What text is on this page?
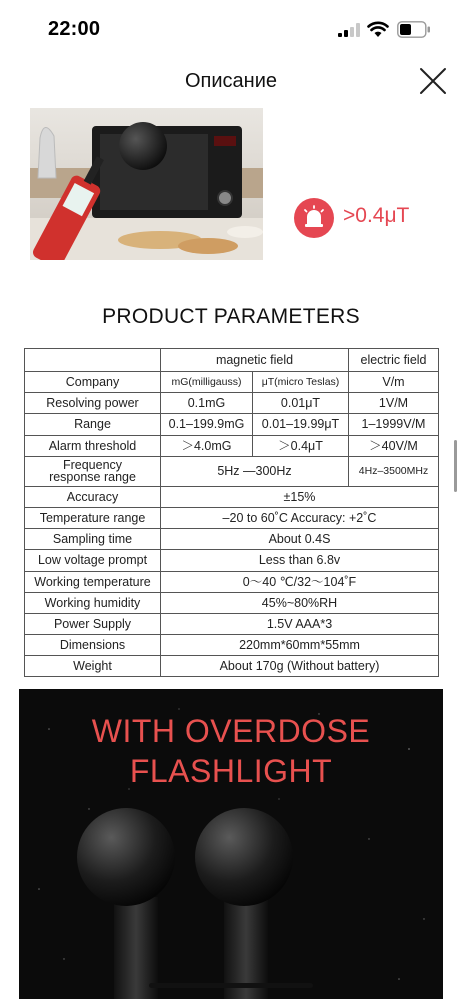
22:00
Описание
>0.4μT
PRODUCT PARAMETERS
	magnetic field		electric field
Company	mG(milligauss)	μT(micro Teslas)	V/m
Resolving power	0.1mG	0.01μT	1V/M
Range	0.1–199.9mG	0.01–19.99μT	1–1999V/M
Alarm threshold	＞4.0mG	＞0.4μT	＞40V/M

Frequency
response range	5Hz —300Hz		4Hz–3500MHz
Accuracy	±15%		
Temperature range	–20 to 60˚C Accuracy: +2˚C		
Sampling time	About 0.4S		
Low voltage prompt	Less than 6.8v		
Working temperature	0～40 ℃/32～104˚F		
Working humidity	45%~80%RH		
Power Supply	1.5V AAA*3		
Dimensions	220mm*60mm*55mm		
Weight	About 170g (Without battery)		
WITH OVERDOSE
FLASHLIGHT
